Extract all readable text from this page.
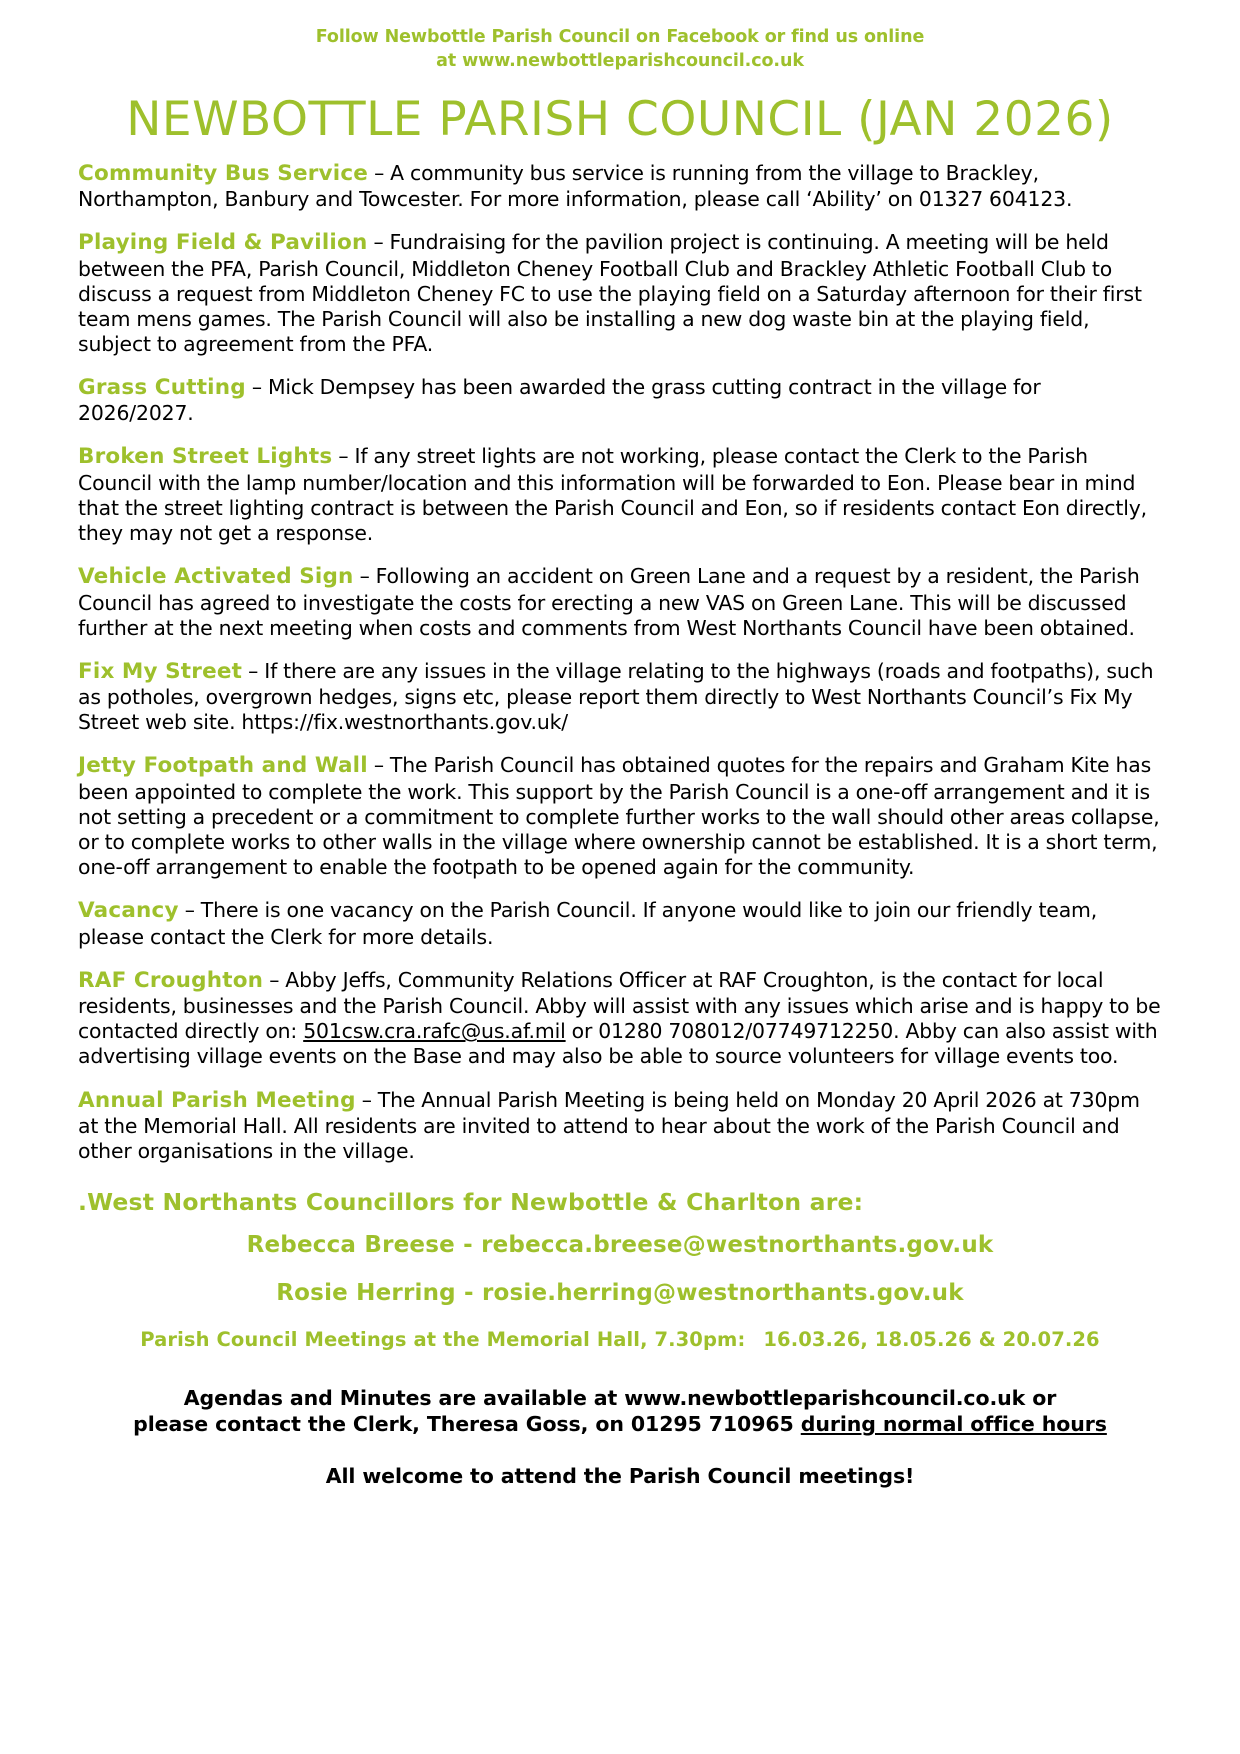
Follow Newbottle Parish Council on Facebook or find us online
at www.newbottleparishcouncil.co.uk
NEWBOTTLE PARISH COUNCIL (JAN 2026)

Community Bus Service – A community bus service is running from the village to Brackley, Northampton, Banbury and Towcester. For more information, please call ‘Ability’ on 01327 604123.

Playing Field & Pavilion – Fundraising for the pavilion project is continuing. A meeting will be held between the PFA, Parish Council, Middleton Cheney Football Club and Brackley Athletic Football Club to discuss a request from Middleton Cheney FC to use the playing field on a Saturday afternoon for their first team mens games. The Parish Council will also be installing a new dog waste bin at the playing field, subject to agreement from the PFA.

Grass Cutting – Mick Dempsey has been awarded the grass cutting contract in the village for 2026/2027.

Broken Street Lights – If any street lights are not working, please contact the Clerk to the Parish Council with the lamp number/location and this information will be forwarded to Eon. Please bear in mind that the street lighting contract is between the Parish Council and Eon, so if residents contact Eon directly, they may not get a response.

Vehicle Activated Sign – Following an accident on Green Lane and a request by a resident, the Parish Council has agreed to investigate the costs for erecting a new VAS on Green Lane. This will be discussed further at the next meeting when costs and comments from West Northants Council have been obtained.

Fix My Street – If there are any issues in the village relating to the highways (roads and footpaths), such as potholes, overgrown hedges, signs etc, please report them directly to West Northants Council’s Fix My Street web site. https://fix.westnorthants.gov.uk/

Jetty Footpath and Wall – The Parish Council has obtained quotes for the repairs and Graham Kite has been appointed to complete the work. This support by the Parish Council is a one-off arrangement and it is not setting a precedent or a commitment to complete further works to the wall should other areas collapse, or to complete works to other walls in the village where ownership cannot be established. It is a short term, one-off arrangement to enable the footpath to be opened again for the community.

Vacancy – There is one vacancy on the Parish Council. If anyone would like to join our friendly team, please contact the Clerk for more details.

RAF Croughton – Abby Jeffs, Community Relations Officer at RAF Croughton, is the contact for local residents, businesses and the Parish Council. Abby will assist with any issues which arise and is happy to be contacted directly on: 501csw.cra.rafc@us.af.mil or 01280 708012/07749712250. Abby can also assist with advertising village events on the Base and may also be able to source volunteers for village events too.

Annual Parish Meeting – The Annual Parish Meeting is being held on Monday 20 April 2026 at 730pm at the Memorial Hall. All residents are invited to attend to hear about the work of the Parish Council and other organisations in the village.

.West Northants Councillors for Newbottle & Charlton are:
Rebecca Breese - rebecca.breese@westnorthants.gov.uk
Rosie Herring - rosie.herring@westnorthants.gov.uk
Parish Council Meetings at the Memorial Hall, 7.30pm: 16.03.26, 18.05.26 & 20.07.26
Agendas and Minutes are available at www.newbottleparishcouncil.co.uk or
please contact the Clerk, Theresa Goss, on 01295 710965 during normal office hours
All welcome to attend the Parish Council meetings!
